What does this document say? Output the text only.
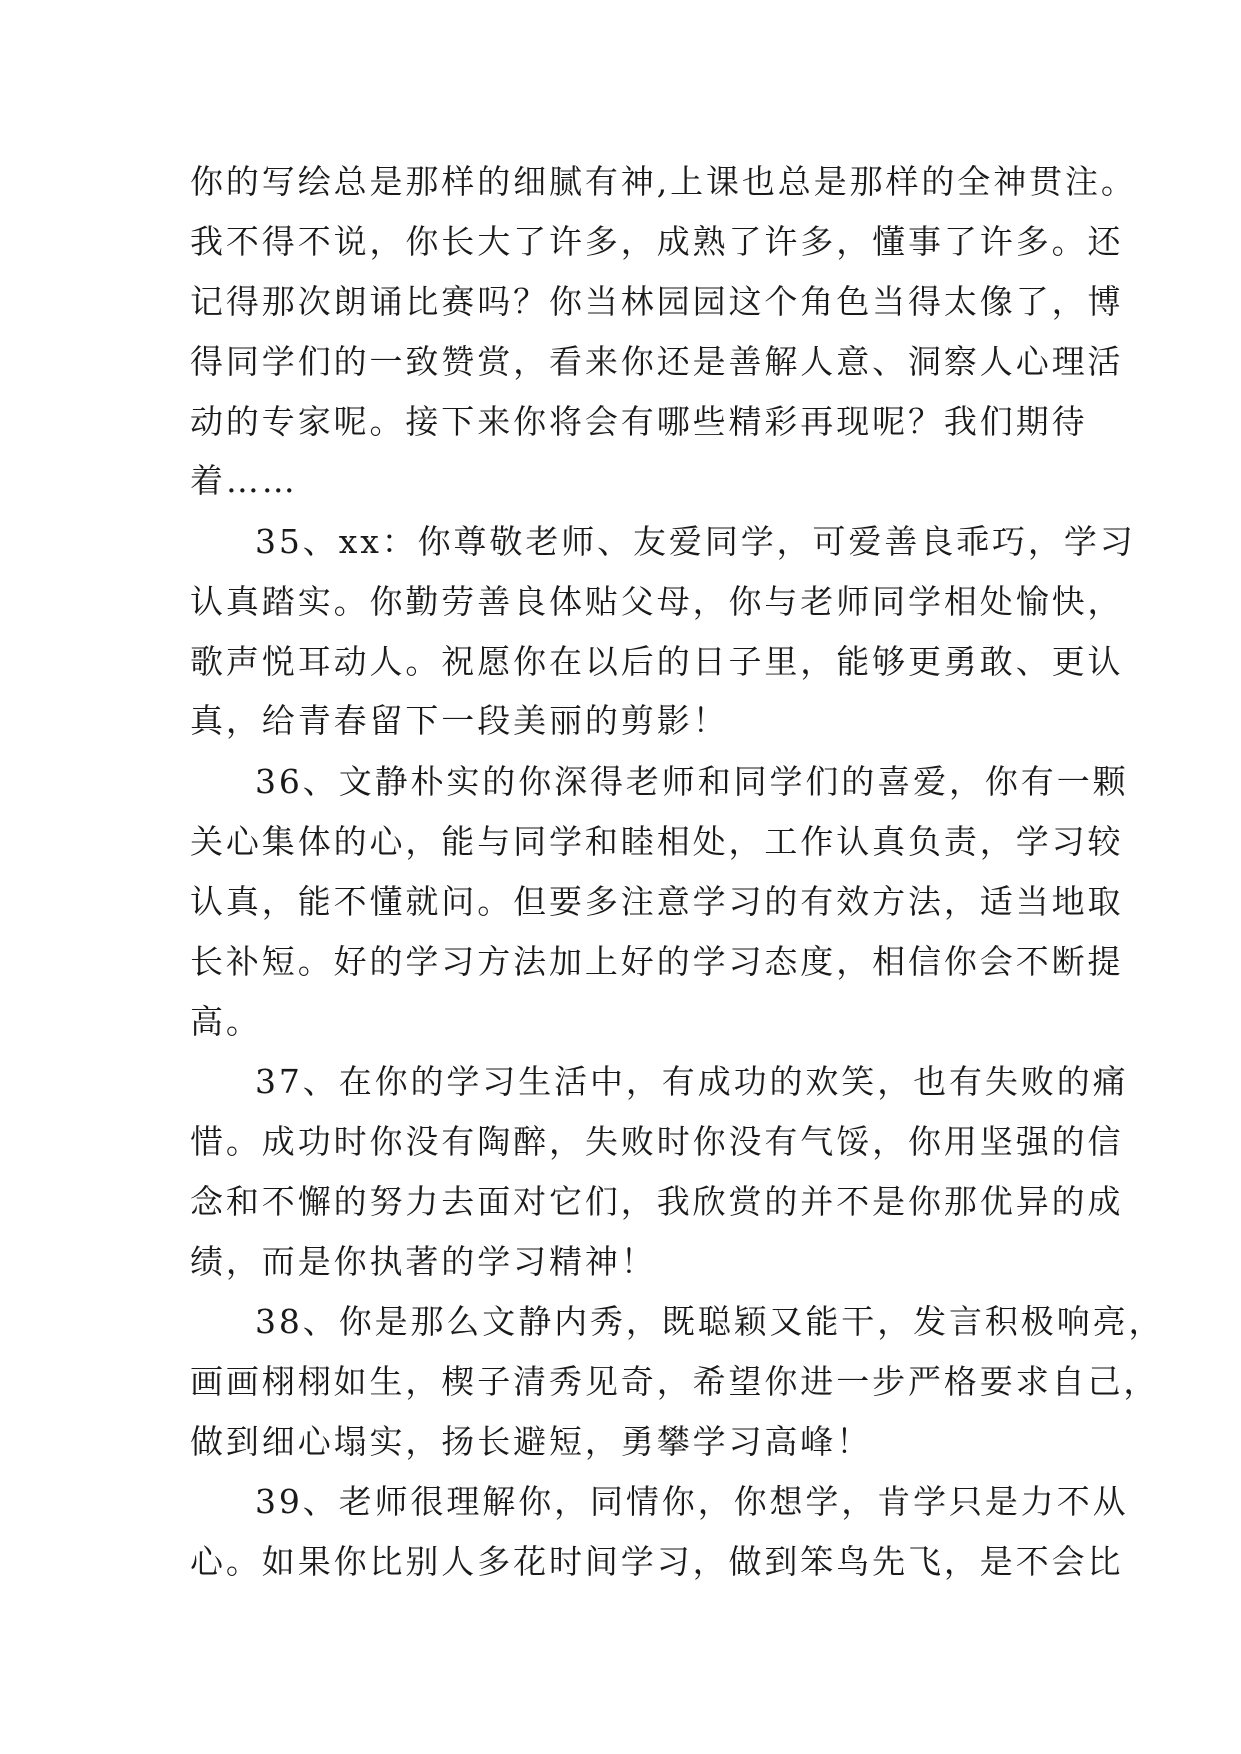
你的写绘总是那样的细腻有神,上课也总是那样的全神贯注。
我不得不说，你长大了许多，成熟了许多，懂事了许多。还
记得那次朗诵比赛吗？你当林园园这个角色当得太像了，博
得同学们的一致赞赏，看来你还是善解人意、洞察人心理活
动的专家呢。接下来你将会有哪些精彩再现呢？我们期待
着……
35、xx：你尊敬老师、友爱同学，可爱善良乖巧，学习
认真踏实。你勤劳善良体贴父母，你与老师同学相处愉快，
歌声悦耳动人。祝愿你在以后的日子里，能够更勇敢、更认
真，给青春留下一段美丽的剪影！
36、文静朴实的你深得老师和同学们的喜爱，你有一颗
关心集体的心，能与同学和睦相处，工作认真负责，学习较
认真，能不懂就问。但要多注意学习的有效方法，适当地取
长补短。好的学习方法加上好的学习态度，相信你会不断提
高。
37、在你的学习生活中，有成功的欢笑，也有失败的痛
惜。成功时你没有陶醉，失败时你没有气馁，你用坚强的信
念和不懈的努力去面对它们，我欣赏的并不是你那优异的成
绩，而是你执著的学习精神！
38、你是那么文静内秀，既聪颖又能干，发言积极响亮，
画画栩栩如生，楔子清秀见奇，希望你进一步严格要求自己，
做到细心塌实，扬长避短，勇攀学习高峰！
39、老师很理解你，同情你，你想学，肯学只是力不从
心。如果你比别人多花时间学习，做到笨鸟先飞，是不会比
